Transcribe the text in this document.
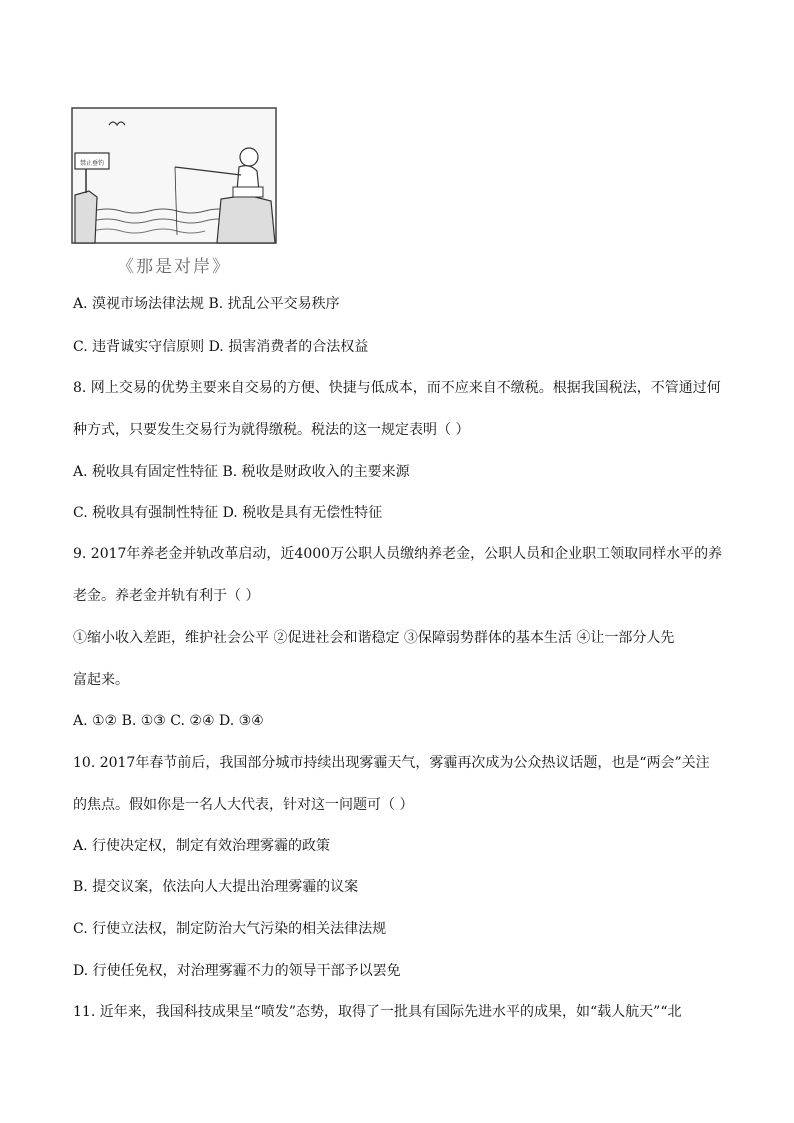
禁止垂钓
《那是对岸》
A. 漠视市场法律法规 B. 扰乱公平交易秩序
C. 违背诚实守信原则 D. 损害消费者的合法权益
8. 网上交易的优势主要来自交易的方便、快捷与低成本，而不应来自不缴税。根据我国税法，不管通过何
种方式，只要发生交易行为就得缴税。税法的这一规定表明（ ）
A. 税收具有固定性特征 B. 税收是财政收入的主要来源
C. 税收具有强制性特征 D. 税收是具有无偿性特征
9. 2017年养老金并轨改革启动，近4000万公职人员缴纳养老金，公职人员和企业职工领取同样水平的养
老金。养老金并轨有利于（ ）
①缩小收入差距，维护社会公平 ②促进社会和谐稳定 ③保障弱势群体的基本生活 ④让一部分人先
富起来。
A. ①② B. ①③ C. ②④ D. ③④
10. 2017年春节前后，我国部分城市持续出现雾霾天气，雾霾再次成为公众热议话题，也是“两会”关注
的焦点。假如你是一名人大代表，针对这一问题可（ ）
A. 行使决定权，制定有效治理雾霾的政策
B. 提交议案，依法向人大提出治理雾霾的议案
C. 行使立法权，制定防治大气污染的相关法律法规
D. 行使任免权，对治理雾霾不力的领导干部予以罢免
11. 近年来，我国科技成果呈“喷发”态势，取得了一批具有国际先进水平的成果，如“载人航天”“北
